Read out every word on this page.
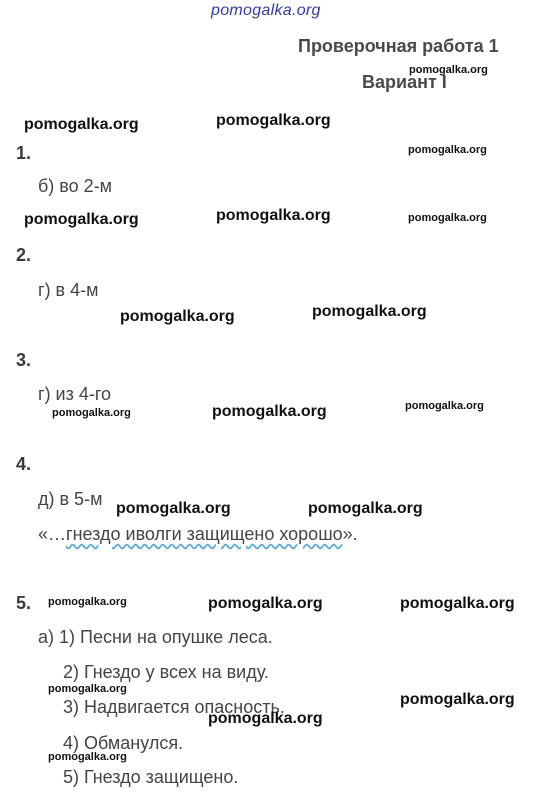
pomogalka.org
Проверочная работа 1
Вариант I
1.
б) во 2-м
2.
г) в 4-м
3.
г) из 4-го
4.
д) в 5-м
«…гнездо иволги защищено хорошо».
5.
а) 1) Песни на опушке леса.
2) Гнездо у всех на виду.
3) Надвигается опасность.
4) Обманулся.
5) Гнездо защищено.
pomogalka.org
pomogalka.org	pomogalka.org
pomogalka.org
pomogalka.org	pomogalka.org	pomogalka.org
pomogalka.org	pomogalka.org
pomogalka.org	pomogalka.org	pomogalka.org
pomogalka.org	pomogalka.org
pomogalka.org	pomogalka.org	pomogalka.org
pomogalka.org
pomogalka.org
pomogalka.org
pomogalka.org
